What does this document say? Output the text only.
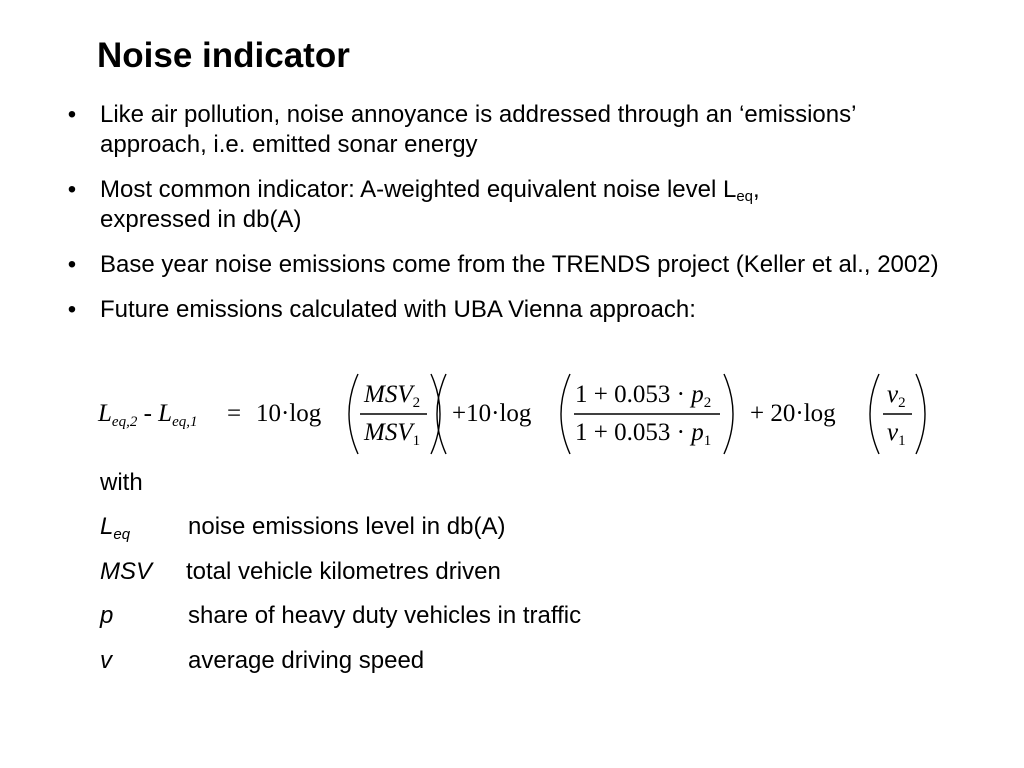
Noise indicator
• Like air pollution, noise annoyance is addressed through an ‘emissions’ approach, i.e. emitted sonar energy
• Most common indicator: A-weighted equivalent noise level $L_{eq}$,
expressed in db(A)
• Base year noise emissions come from the TRENDS project (Keller et al., 2002)
• Future emissions calculated with UBA Vienna approach:
$L_{eq,2} - L_{eq,1} = 10\cdot\log$
$MSV_2$
$MSV_1$
+10·log
$1 + 0.053 \cdot p_2$
$1 + 0.053 \cdot p_1$
+ 20·log
$v_2$
$v_1$
with
$L_{eq}$ noise emissions level in db(A)
MSV total vehicle kilometres driven
p	share of heavy duty vehicles in traffic
v	average driving speed
